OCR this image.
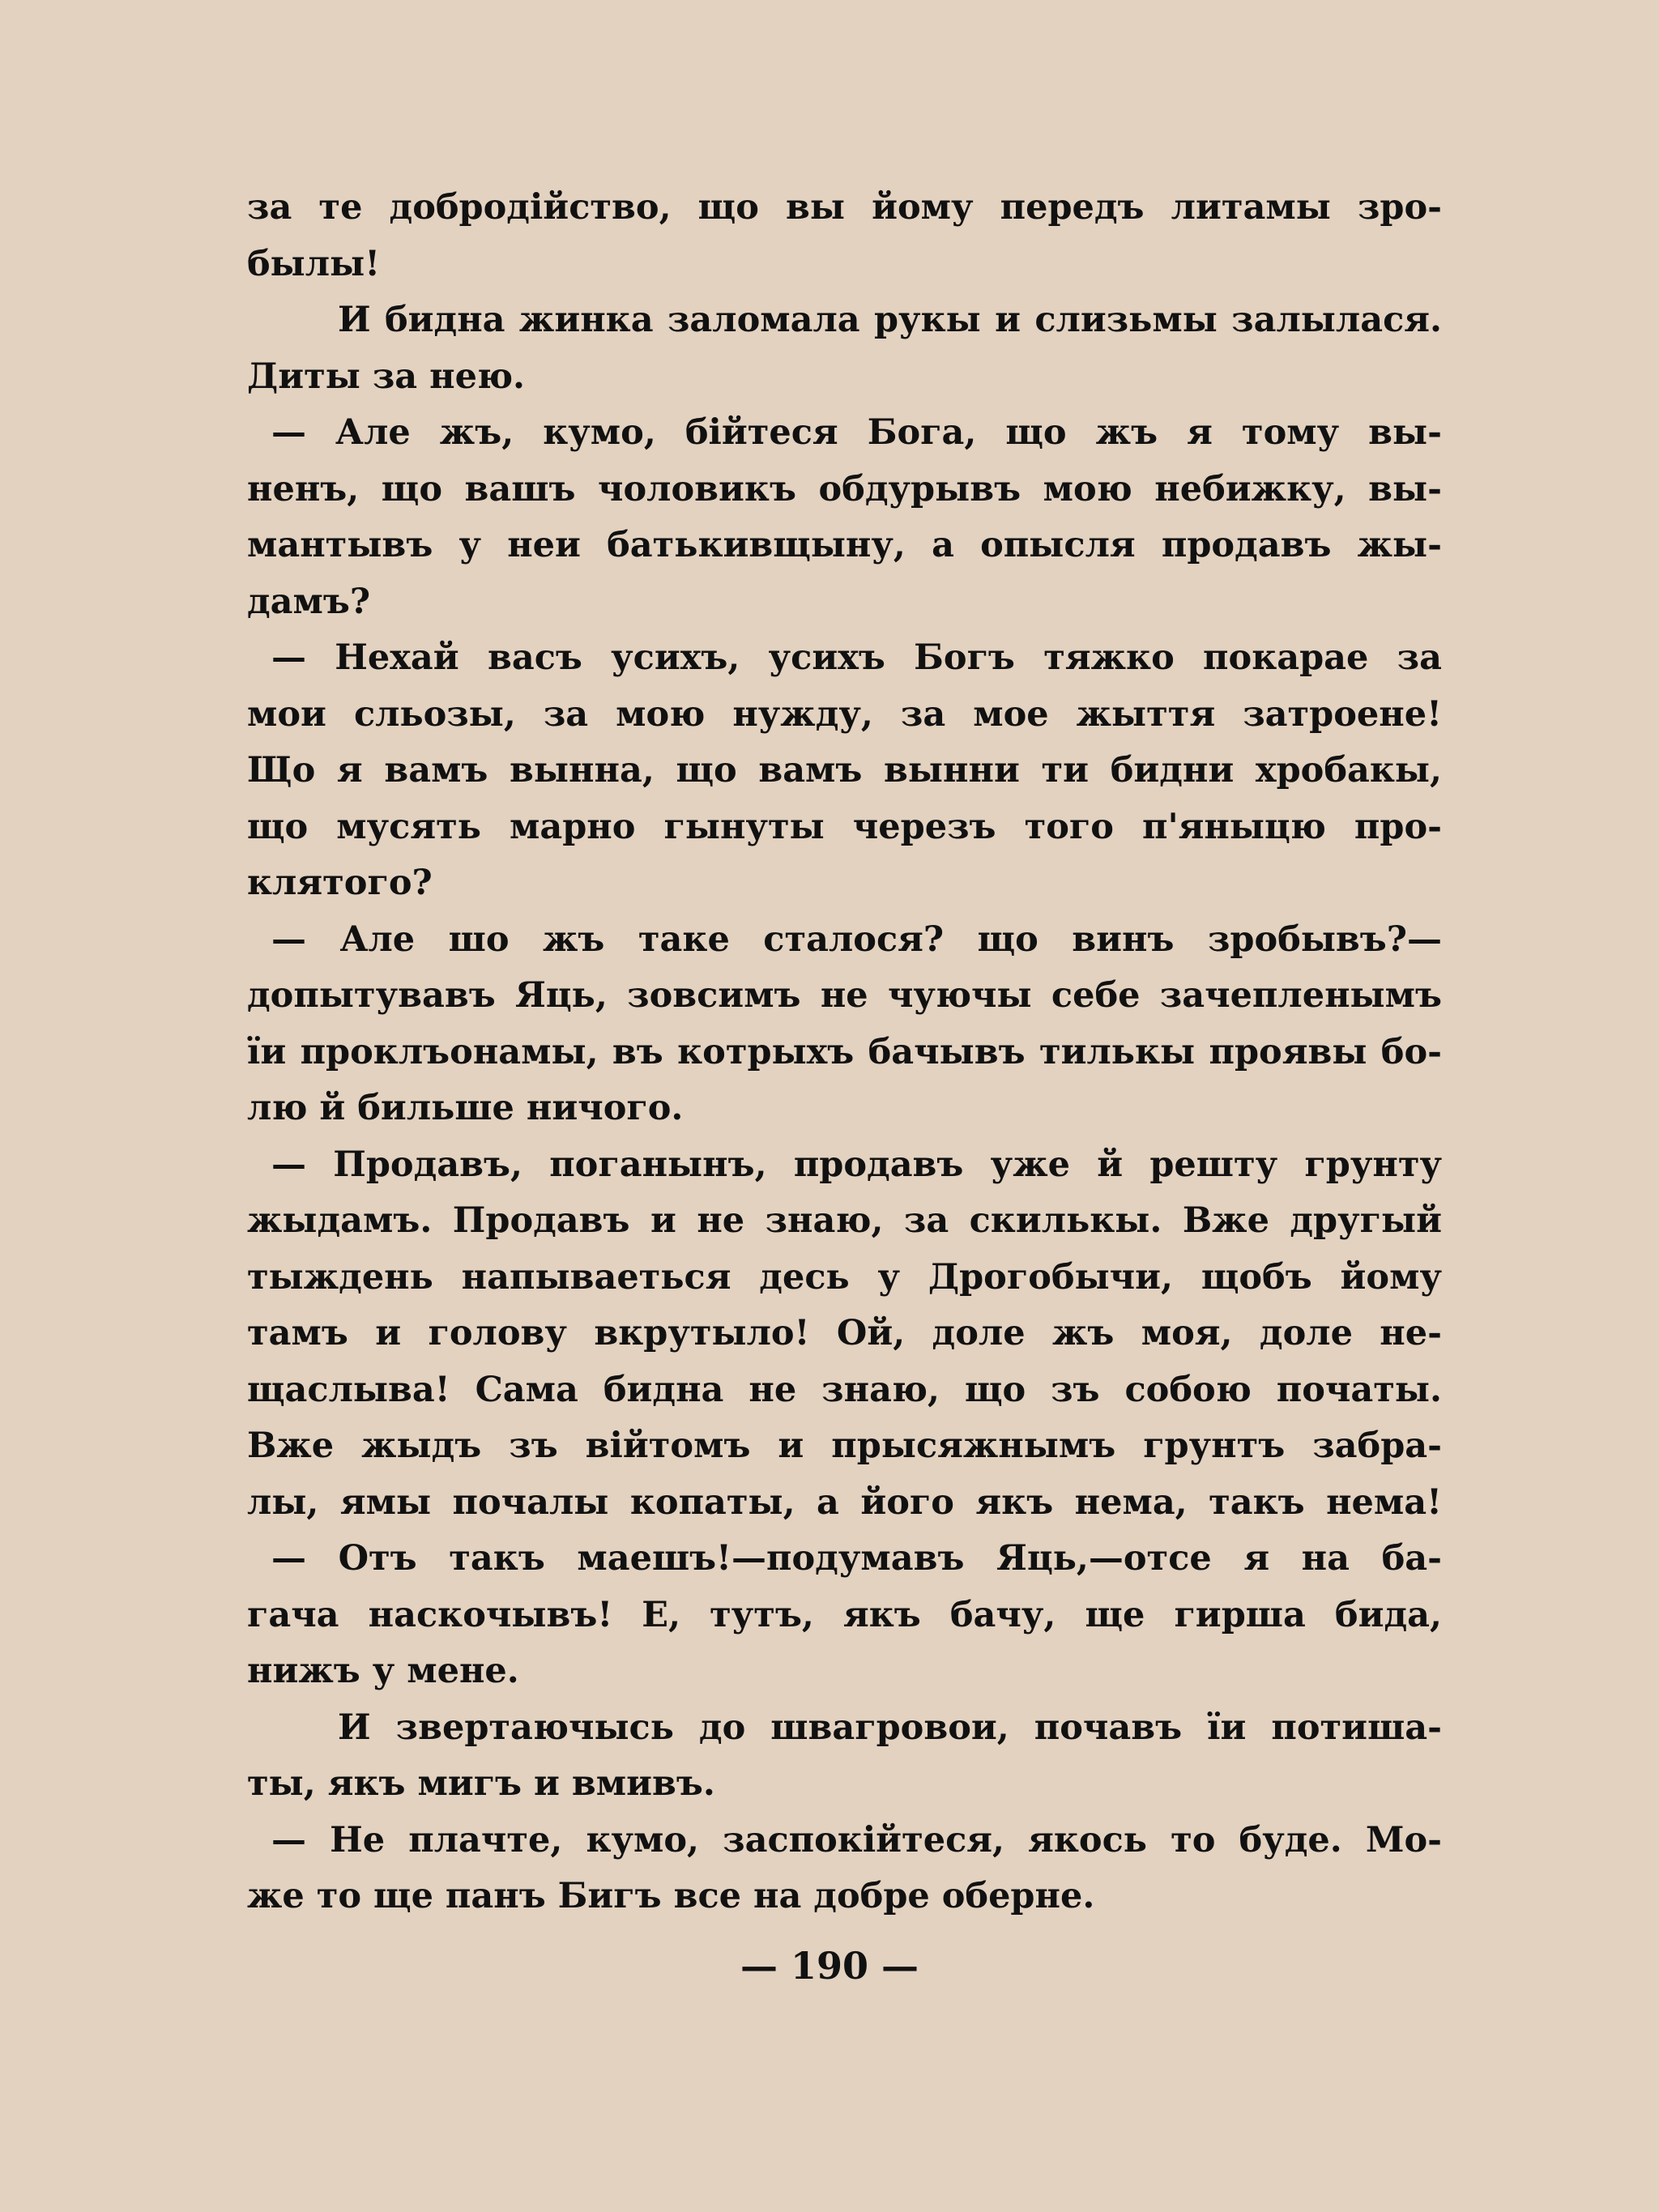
за те добродійство, що вы йому передъ литамы зро-
былы!
И бидна жинка заломала рукы и слизьмы залылася.
Диты за нею.
— Але жъ, кумо, бійтеся Бога, що жъ я тому вы-
ненъ, що вашъ чоловикъ обдурывъ мою небижку, вы-
мантывъ у неи батькивщыну, а опысля продавъ жы-
дамъ?
— Нехай васъ усихъ, усихъ Богъ тяжко покарае за
мои сльозы, за мою нужду, за мое жыття затроене!
Що я вамъ вынна, що вамъ вынни ти бидни хробакы,
що мусять марно гынуты черезъ того п'яныцю про-
клятого?
— Але шо жъ таке сталося? що винъ зробывъ?—
допытувавъ Яць, зовсимъ не чуючы себе зачепленымъ
їи проклъонамы, въ котрыхъ бачывъ тилькы проявы бо-
лю й бильше ничого.
— Продавъ, поганынъ, продавъ уже й решту грунту
жыдамъ. Продавъ и не знаю, за скилькы. Вже другый
тыждень напываеться десь у Дрогобычи, щобъ йому
тамъ и голову вкрутыло! Ой, доле жъ моя, доле не-
щаслыва! Сама бидна не знаю, що зъ собою почaты.
Вже жыдъ зъ війтомъ и прысяжнымъ грунтъ забра-
лы, ямы почалы копаты, а його якъ нема, такъ нема!
— Отъ такъ маешъ!—подумавъ Яць,—отсе я на ба-
гача наскочывъ! Е, тутъ, якъ бачу, ще гирша бида,
нижъ у мене.
И звертаючысь до швагровои, почавъ їи потиша-
ты, якъ мигъ и вмивъ.
— Не плачте, кумо, заспокійтеся, якось то буде. Мо-
же то ще панъ Бигъ все на добре оберне.
— 190 —
